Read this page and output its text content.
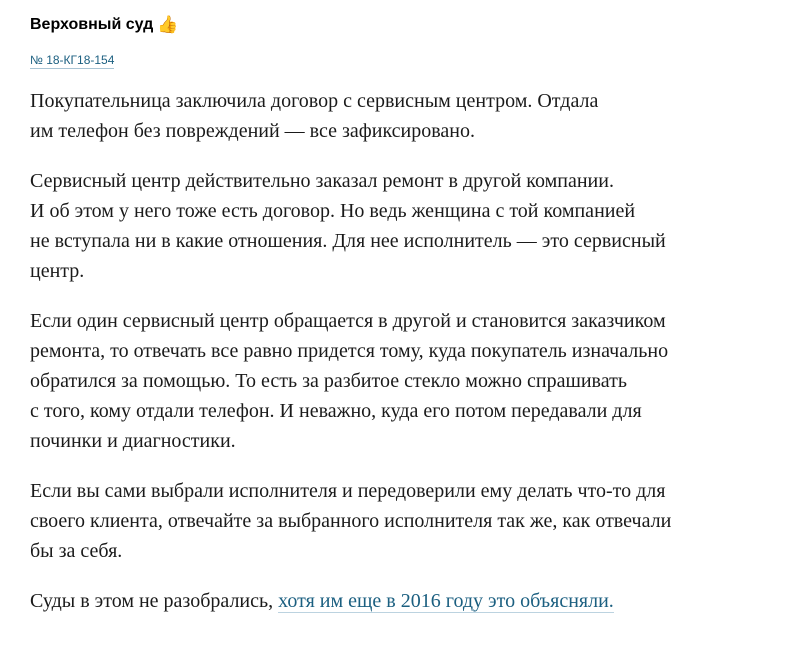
Верховный суд 👍
№ 18-КГ18-154

Покупательница заключила договор с сервисным центром. Отдала
им телефон без повреждений — все зафиксировано.

Сервисный центр действительно заказал ремонт в другой компании.
И об этом у него тоже есть договор. Но ведь женщина с той компанией
не вступала ни в какие отношения. Для нее исполнитель — это сервисный
центр.

Если один сервисный центр обращается в другой и становится заказчиком
ремонта, то отвечать все равно придется тому, куда покупатель изначально
обратился за помощью. То есть за разбитое стекло можно спрашивать
с того, кому отдали телефон. И неважно, куда его потом передавали для
починки и диагностики.

Если вы сами выбрали исполнителя и передоверили ему делать что-то для
своего клиента, отвечайте за выбранного исполнителя так же, как отвечали
бы за себя.

Суды в этом не разобрались, хотя им еще в 2016 году это объясняли.
